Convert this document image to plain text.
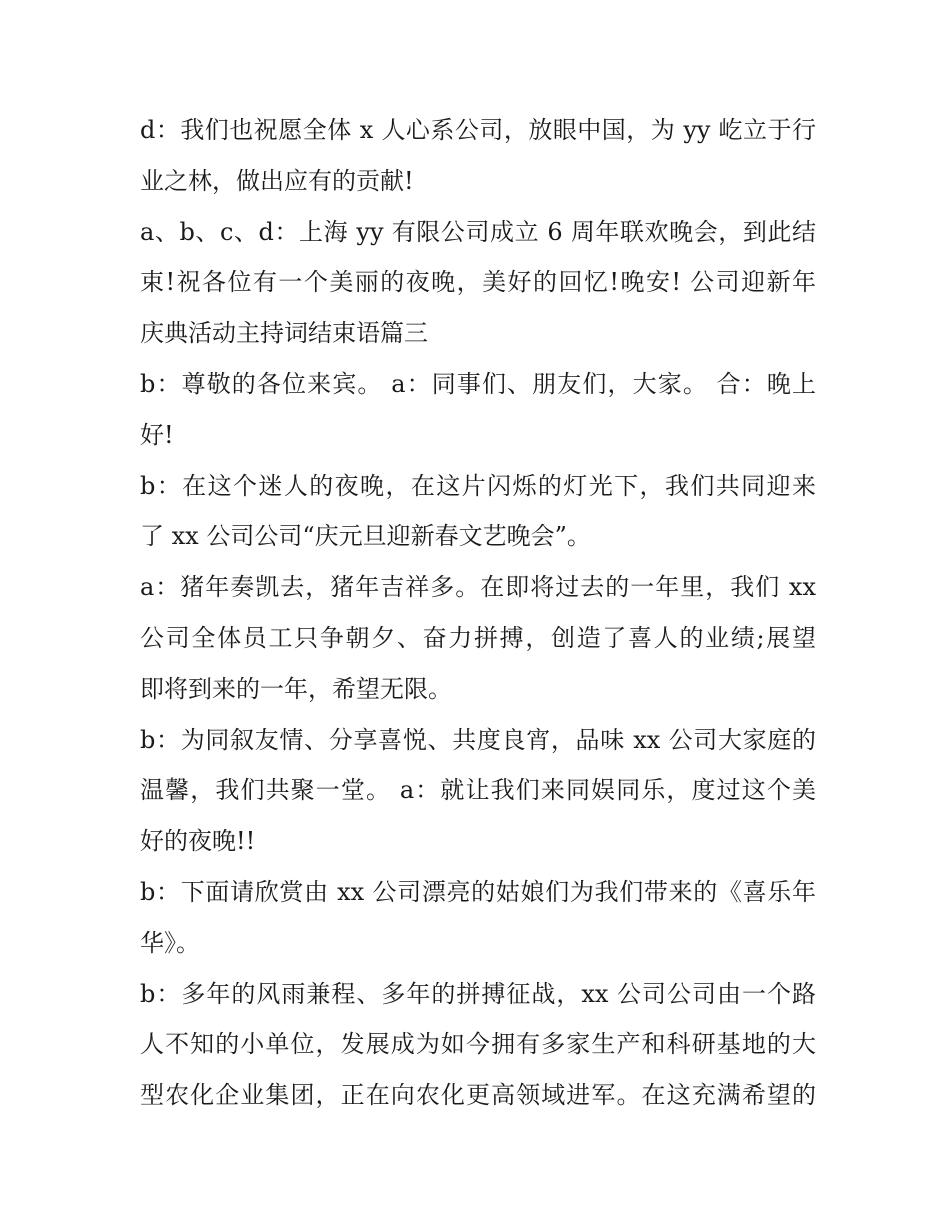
d：我们也祝愿全体 x 人心系公司，放眼中国，为 yy 屹立于行
业之林，做出应有的贡献!
a、b、c、d：上海 yy 有限公司成立 6 周年联欢晚会，到此结
束!祝各位有一个美丽的夜晚，美好的回忆!晚安! 公司迎新年
庆典活动主持词结束语篇三
b：尊敬的各位来宾。 a：同事们、朋友们，大家。 合：晚上
好!
b：在这个迷人的夜晚，在这片闪烁的灯光下，我们共同迎来
了 xx 公司公司“庆元旦迎新春文艺晚会”。
a：猪年奏凯去，猪年吉祥多。在即将过去的一年里，我们 xx
公司全体员工只争朝夕、奋力拼搏，创造了喜人的业绩;展望
即将到来的一年，希望无限。
b：为同叙友情、分享喜悦、共度良宵，品味 xx 公司大家庭的
温馨，我们共聚一堂。 a：就让我们来同娱同乐，度过这个美
好的夜晚!!
b：下面请欣赏由 xx 公司漂亮的姑娘们为我们带来的《喜乐年
华》。
b：多年的风雨兼程、多年的拼搏征战，xx 公司公司由一个路
人不知的小单位，发展成为如今拥有多家生产和科研基地的大
型农化企业集团，正在向农化更高领域进军。在这充满希望的
